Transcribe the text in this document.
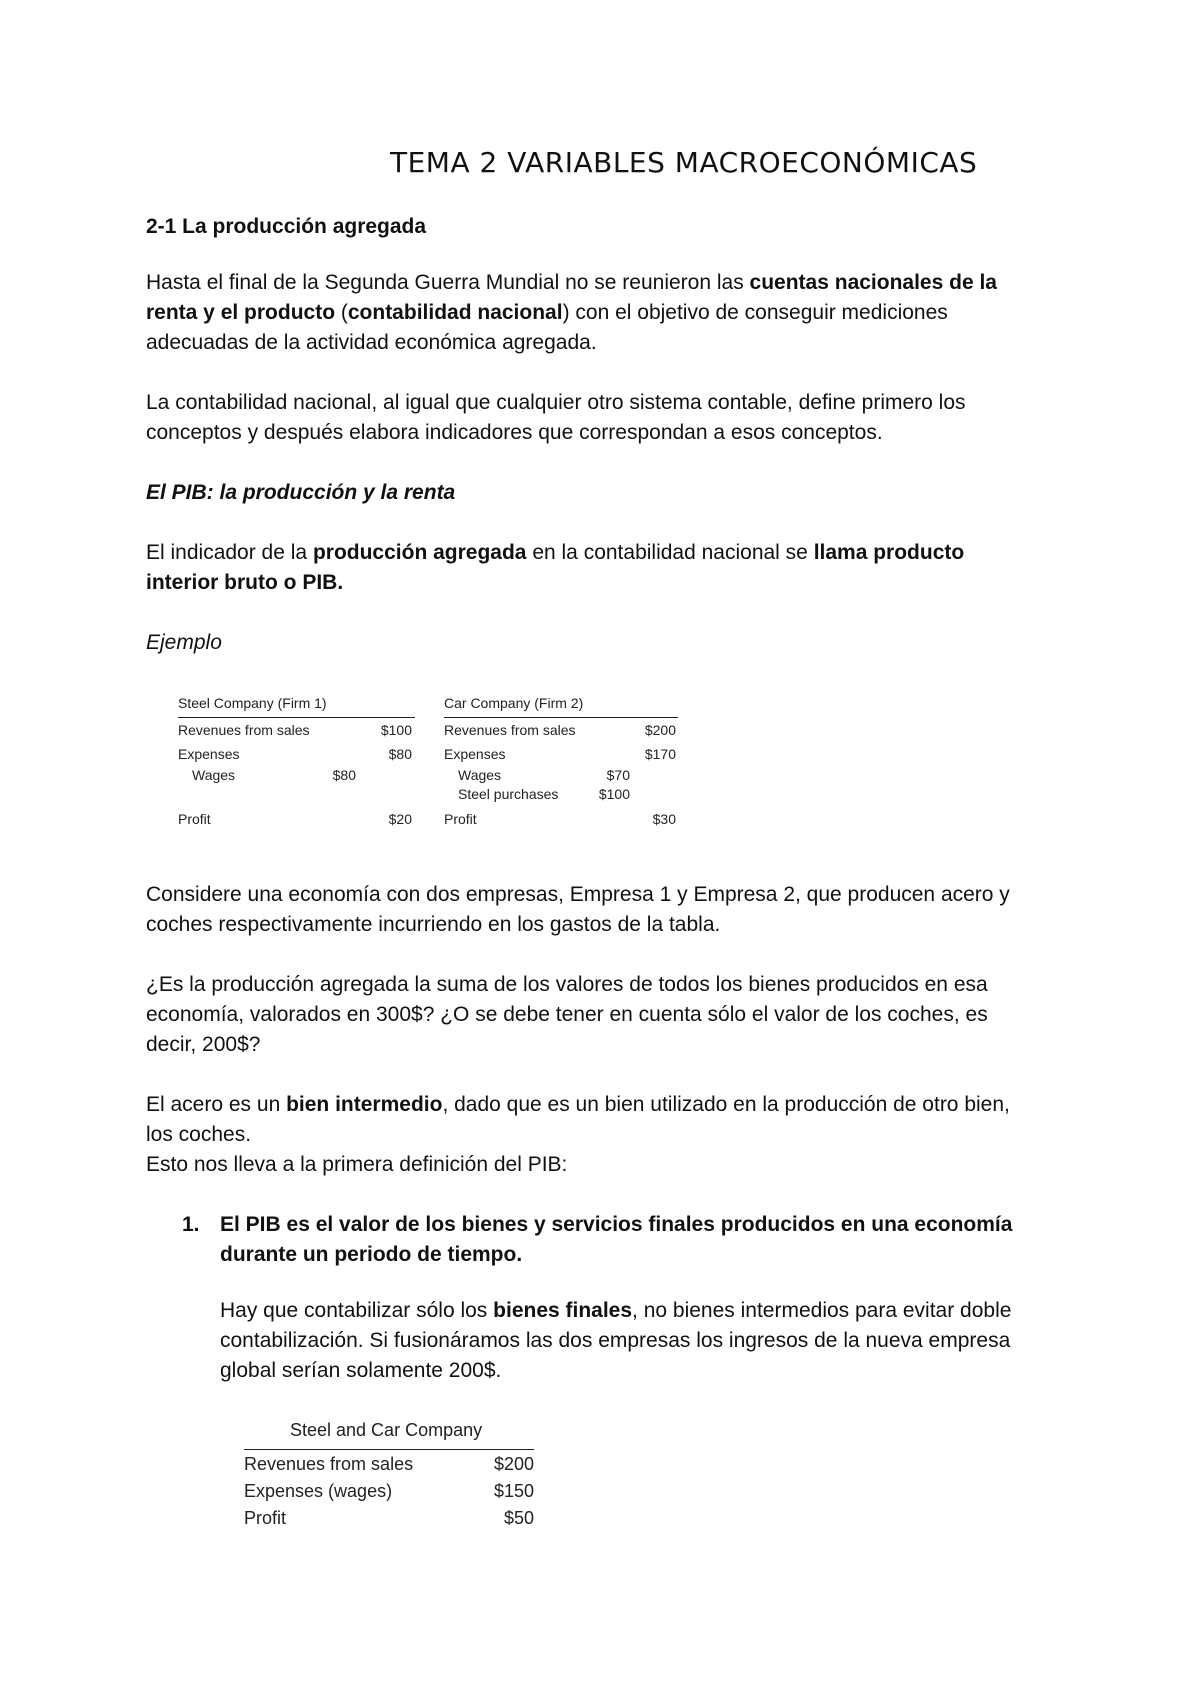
TEMA 2 VARIABLES MACROECONÓMICAS
2-1 La producción agregada
Hasta el final de la Segunda Guerra Mundial no se reunieron las cuentas nacionales de la
renta y el producto (contabilidad nacional) con el objetivo de conseguir mediciones
adecuadas de la actividad económica agregada.
La contabilidad nacional, al igual que cualquier otro sistema contable, define primero los
conceptos y después elabora indicadores que correspondan a esos conceptos.
El PIB: la producción y la renta
El indicador de la producción agregada en la contabilidad nacional se llama producto
interior bruto o PIB.
Ejemplo
Steel Company (Firm 1)
Revenues from sales	$100
Expenses	$80
Wages	$80
Profit	$20
Car Company (Firm 2)
Revenues from sales	$200
Expenses	$170
Wages	$70
Steel purchases	$100
Profit	$30
Considere una economía con dos empresas, Empresa 1 y Empresa 2, que producen acero y
coches respectivamente incurriendo en los gastos de la tabla.
¿Es la producción agregada la suma de los valores de todos los bienes producidos en esa
economía, valorados en 300$? ¿O se debe tener en cuenta sólo el valor de los coches, es
decir, 200$?
El acero es un bien intermedio, dado que es un bien utilizado en la producción de otro bien,
los coches.
Esto nos lleva a la primera definición del PIB:
1. El PIB es el valor de los bienes y servicios finales producidos en una economía
durante un periodo de tiempo.
Hay que contabilizar sólo los bienes finales, no bienes intermedios para evitar doble
contabilización. Si fusionáramos las dos empresas los ingresos de la nueva empresa
global serían solamente 200$.
Steel and Car Company
Revenues from sales	$200
Expenses (wages)	$150
Profit	$50
